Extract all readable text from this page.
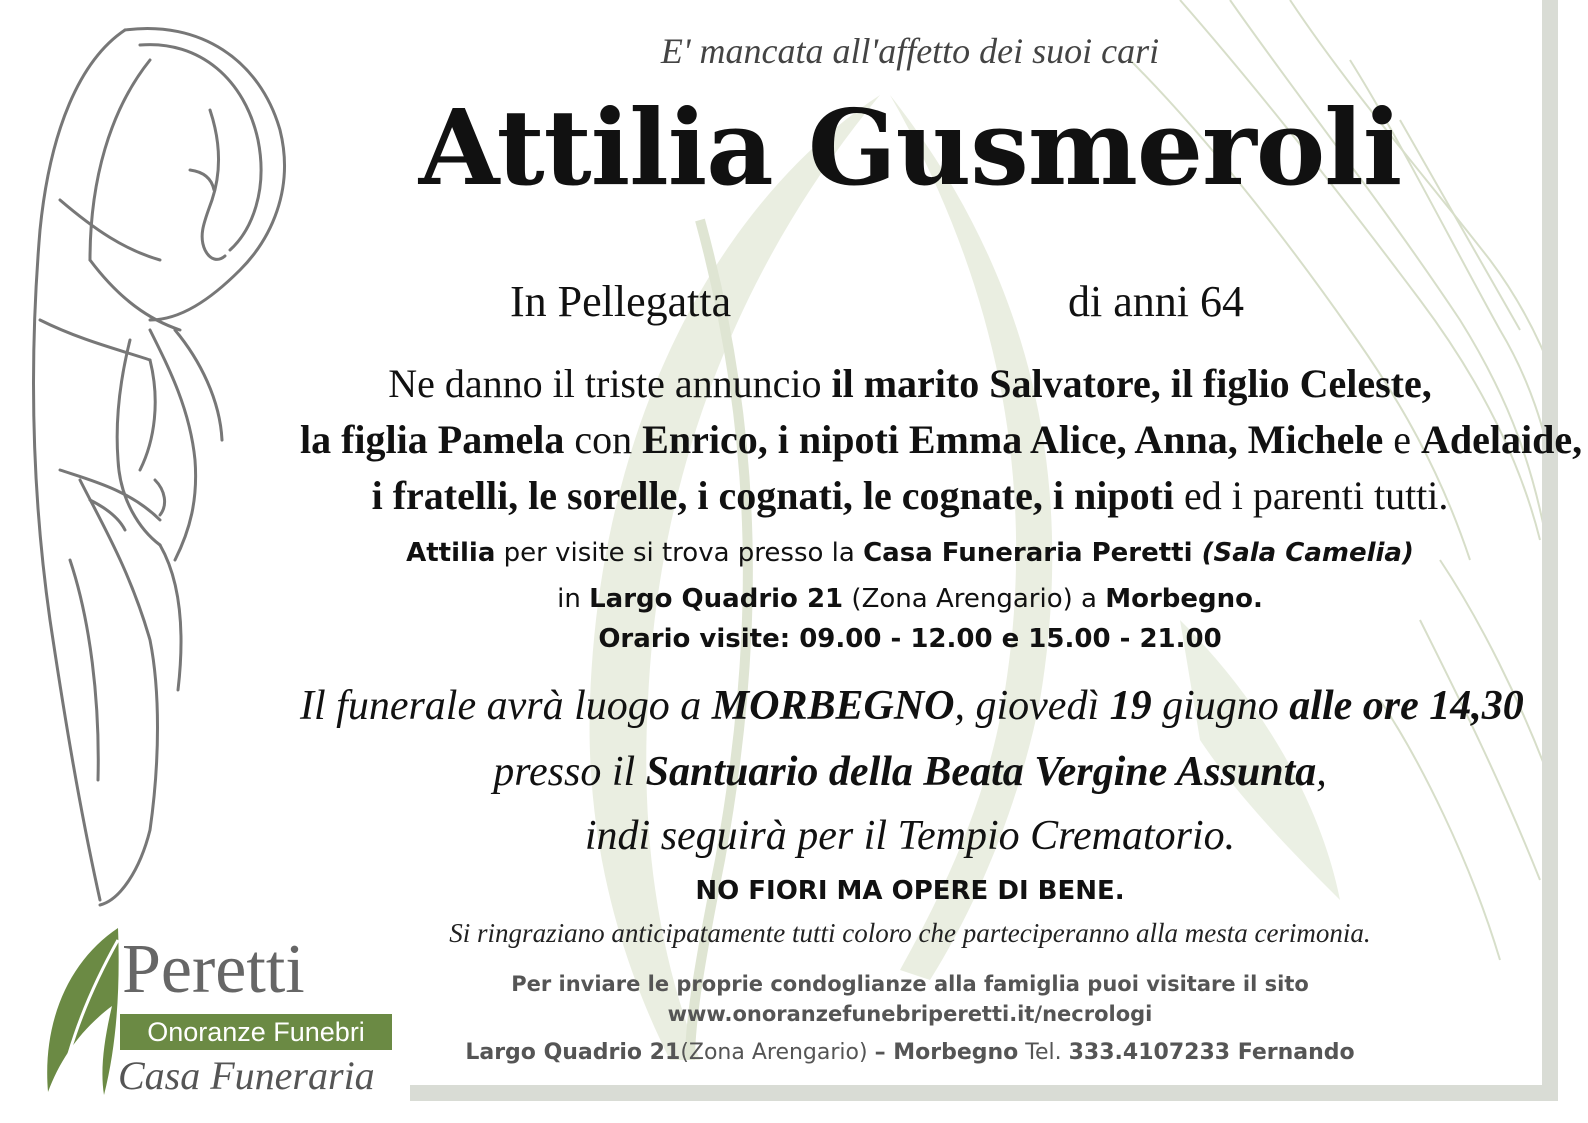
E' mancata all'affetto dei suoi cari
Attilia Gusmeroli
In Pellegatta	di anni 64
Ne danno il triste annuncio il marito Salvatore, il figlio Celeste,
la figlia Pamela con Enrico, i nipoti Emma Alice, Anna, Michele e Adelaide,
i fratelli, le sorelle, i cognati, le cognate, i nipoti ed i parenti tutti.
Attilia per visite si trova presso la Casa Funeraria Peretti (Sala Camelia)
in Largo Quadrio 21 (Zona Arengario) a Morbegno.
Orario visite: 09.00 - 12.00 e 15.00 - 21.00
Il funerale avrà luogo a MORBEGNO, giovedì 19 giugno alle ore 14,30
presso il Santuario della Beata Vergine Assunta,
indi seguirà per il Tempio Crematorio.
NO FIORI MA OPERE DI BENE.
Si ringraziano anticipatamente tutti coloro che parteciperanno alla mesta cerimonia.
Per inviare le proprie condoglianze alla famiglia puoi visitare il sito
www.onoranzefunebriperetti.it/necrologi
Largo Quadrio 21(Zona Arengario) – Morbegno Tel. 333.4107233 Fernando
Peretti
Onoranze Funebri
Casa Funeraria
